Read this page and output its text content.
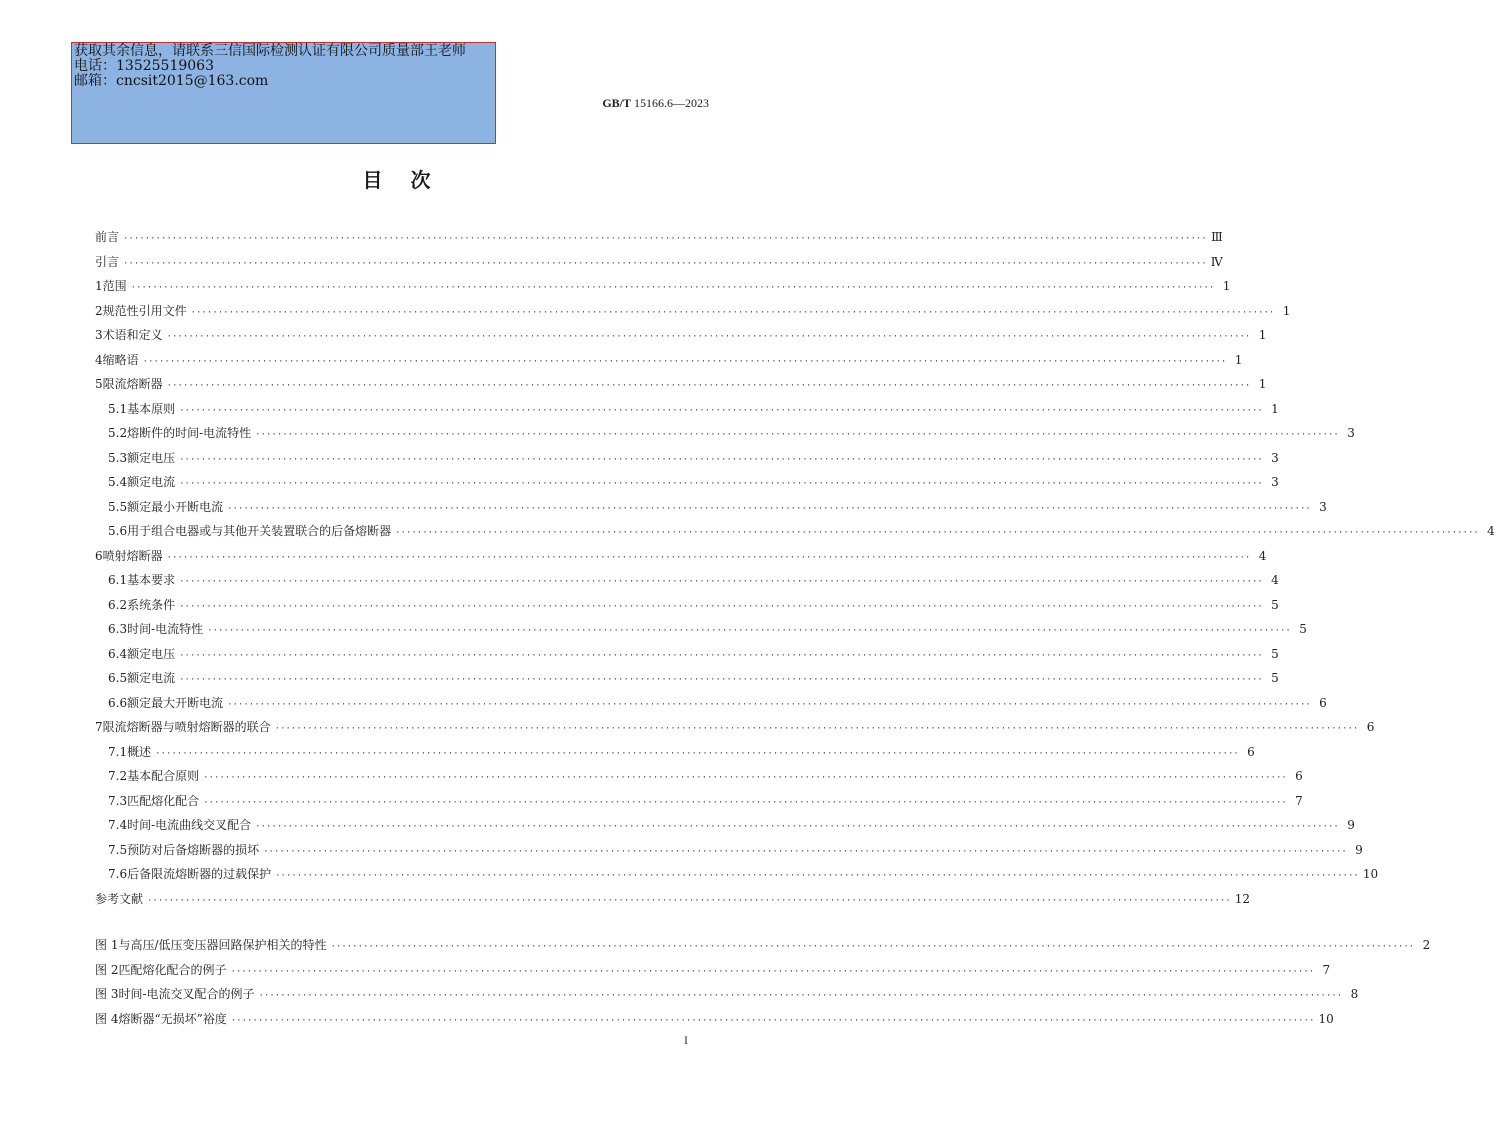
获取其余信息，请联系三信国际检测认证有限公司质量部王老师
电话：13525519063
邮箱：cncsit2015@163.com
GB/T 15166.6—2023
目次
前言 ········································································································································································································ Ⅲ
引言 ········································································································································································································ Ⅳ
1 范围 ········································································································································································································ 1
2 规范性引用文件 ········································································································································································································ 1
3 术语和定义 ········································································································································································································ 1
4 缩略语 ········································································································································································································ 1
5 限流熔断器 ········································································································································································································ 1
5.1 基本原则 ········································································································································································································ 1
5.2 熔断件的时间-电流特性 ········································································································································································································ 3
5.3 额定电压 ········································································································································································································ 3
5.4 额定电流 ········································································································································································································ 3
5.5 额定最小开断电流 ········································································································································································································ 3
5.6 用于组合电器或与其他开关装置联合的后备熔断器 ········································································································································································································ 4
6 喷射熔断器 ········································································································································································································ 4
6.1 基本要求 ········································································································································································································ 4
6.2 系统条件 ········································································································································································································ 5
6.3 时间-电流特性 ········································································································································································································ 5
6.4 额定电压 ········································································································································································································ 5
6.5 额定电流 ········································································································································································································ 5
6.6 额定最大开断电流 ········································································································································································································ 6
7 限流熔断器与喷射熔断器的联合 ········································································································································································································ 6
7.1 概述 ········································································································································································································ 6
7.2 基本配合原则 ········································································································································································································ 6
7.3 匹配熔化配合 ········································································································································································································ 7
7.4 时间-电流曲线交叉配合 ········································································································································································································ 9
7.5 预防对后备熔断器的损坏 ········································································································································································································ 9
7.6 后备限流熔断器的过载保护 ········································································································································································································ 10
参考文献 ········································································································································································································ 12
图 1 与高压/低压变压器回路保护相关的特性 ········································································································································································································ 2
图 2 匹配熔化配合的例子 ········································································································································································································ 7
图 3 时间-电流交叉配合的例子 ········································································································································································································ 8
图 4 熔断器“无损坏”裕度 ········································································································································································································ 10
I
